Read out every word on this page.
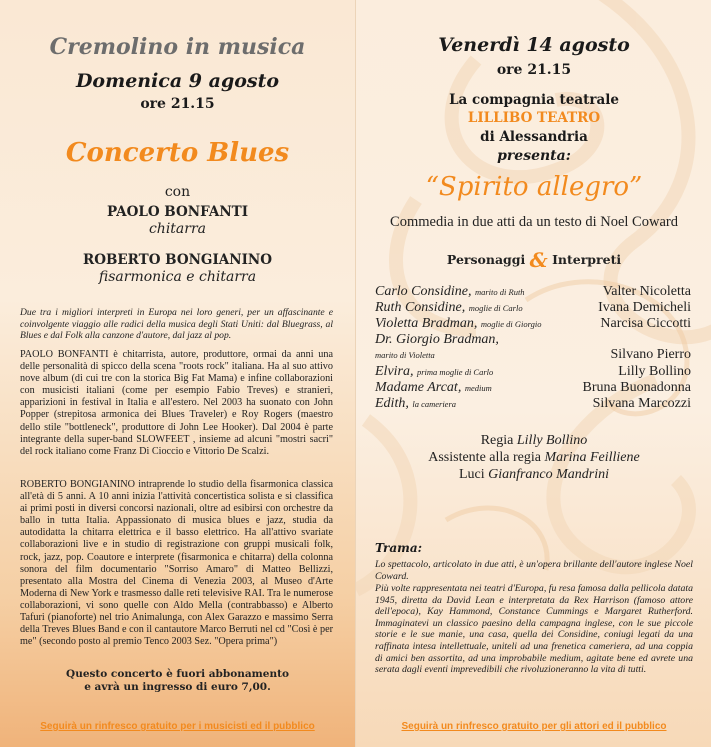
Cremolino in musica
Domenica 9 agosto
ore 21.15
Concerto Blues
con
PAOLO BONFANTI
chitarra
ROBERTO BONGIANINO
fisarmonica e chitarra
Due tra i migliori interpreti in Europa nei loro generi, per un affascinante e coinvolgente viaggio alle radici della musica degli Stati Uniti: dal Bluegrass, al Blues e dal Folk alla canzone d'autore, dal jazz al pop.
PAOLO BONFANTI è chitarrista, autore, produttore, ormai da anni una delle personalità di spicco della scena "roots rock" italiana. Ha al suo attivo nove album (di cui tre con la storica Big Fat Mama) e infine collaborazioni con musicisti italiani (come per esempio Fabio Treves) e stranieri, apparizioni in festival in Italia e all'estero. Nel 2003 ha suonato con John Popper (strepitosa armonica dei Blues Traveler) e Roy Rogers (maestro dello stile "bottleneck", produttore di John Lee Hooker). Dal 2004 è parte integrante della super-band SLOWFEET , insieme ad alcuni "mostri sacri" del rock italiano come Franz Di Cioccio e Vittorio De Scalzi.
ROBERTO BONGIANINO intraprende lo studio della fisarmonica classica all'età di 5 anni. A 10 anni inizia l'attività concertistica solista e si classifica ai primi posti in diversi concorsi nazionali, oltre ad esibirsi con orchestre da ballo in tutta Italia. Appassionato di musica blues e jazz, studia da autodidatta la chitarra elettrica e il basso elettrico. Ha all'attivo svariate collaborazioni live e in studio di registrazione con gruppi musicali folk, rock, jazz, pop. Coautore e interprete (fisarmonica e chitarra) della colonna sonora del film documentario "Sorriso Amaro" di Matteo Bellizzi, presentato alla Mostra del Cinema di Venezia 2003, al Museo d'Arte Moderna di New York e trasmesso dalle reti televisive RAI. Tra le numerose collaborazioni, vi sono quelle con Aldo Mella (contrabbasso) e Alberto Tafuri (pianoforte) nel trio Animalunga, con Alex Garazzo e massimo Serra della Treves Blues Band e con il cantautore Marco Berruti nel cd "Così è per me" (secondo posto al premio Tenco 2003 Sez. "Opera prima")
Questo concerto è fuori abbonamento
e avrà un ingresso di euro 7,00.
Seguirà un rinfresco gratuito per i musicisti ed il pubblico
Venerdì 14 agosto
ore 21.15
La compagnia teatrale
LILLIBO TEATRO
di Alessandria
presenta:
“Spirito allegro”
Commedia in due atti da un testo di Noel Coward
Personaggi & Interpreti
Carlo Considine, marito di Ruth	Valter Nicoletta
Ruth Considine, moglie di Carlo	Ivana Demicheli
Violetta Bradman, moglie di Giorgio	Narcisa Ciccotti
Dr. Giorgio Bradman,
marito di Violetta	Silvano Pierro
Elvira, prima moglie di Carlo	Lilly Bollino
Madame Arcat, medium	Bruna Buonadonna
Edith, la cameriera	Silvana Marcozzi
Regia Lilly Bollino
Assistente alla regia Marina Feilliene
Luci Gianfranco Mandrini
Trama:
Lo spettacolo, articolato in due atti, è un'opera brillante dell'autore inglese Noel Coward.
Più volte rappresentata nei teatri d'Europa, fu resa famosa dalla pellicola datata 1945, diretta da David Lean e interpretata da Rex Harrison (famoso attore dell'epoca), Kay Hammond, Constance Cummings e Margaret Rutherford. Immaginatevi un classico paesino della campagna inglese, con le sue piccole storie e le sue manie, una casa, quella dei Considine, coniugi legati da una raffinata intesa intellettuale, uniteli ad una frenetica cameriera, ad una coppia di amici ben assortita, ad una improbabile medium, agitate bene ed avrete una serata dagli eventi imprevedibili che rivoluzioneranno la vita di tutti.
Seguirà un rinfresco gratuito per gli attori ed il pubblico
